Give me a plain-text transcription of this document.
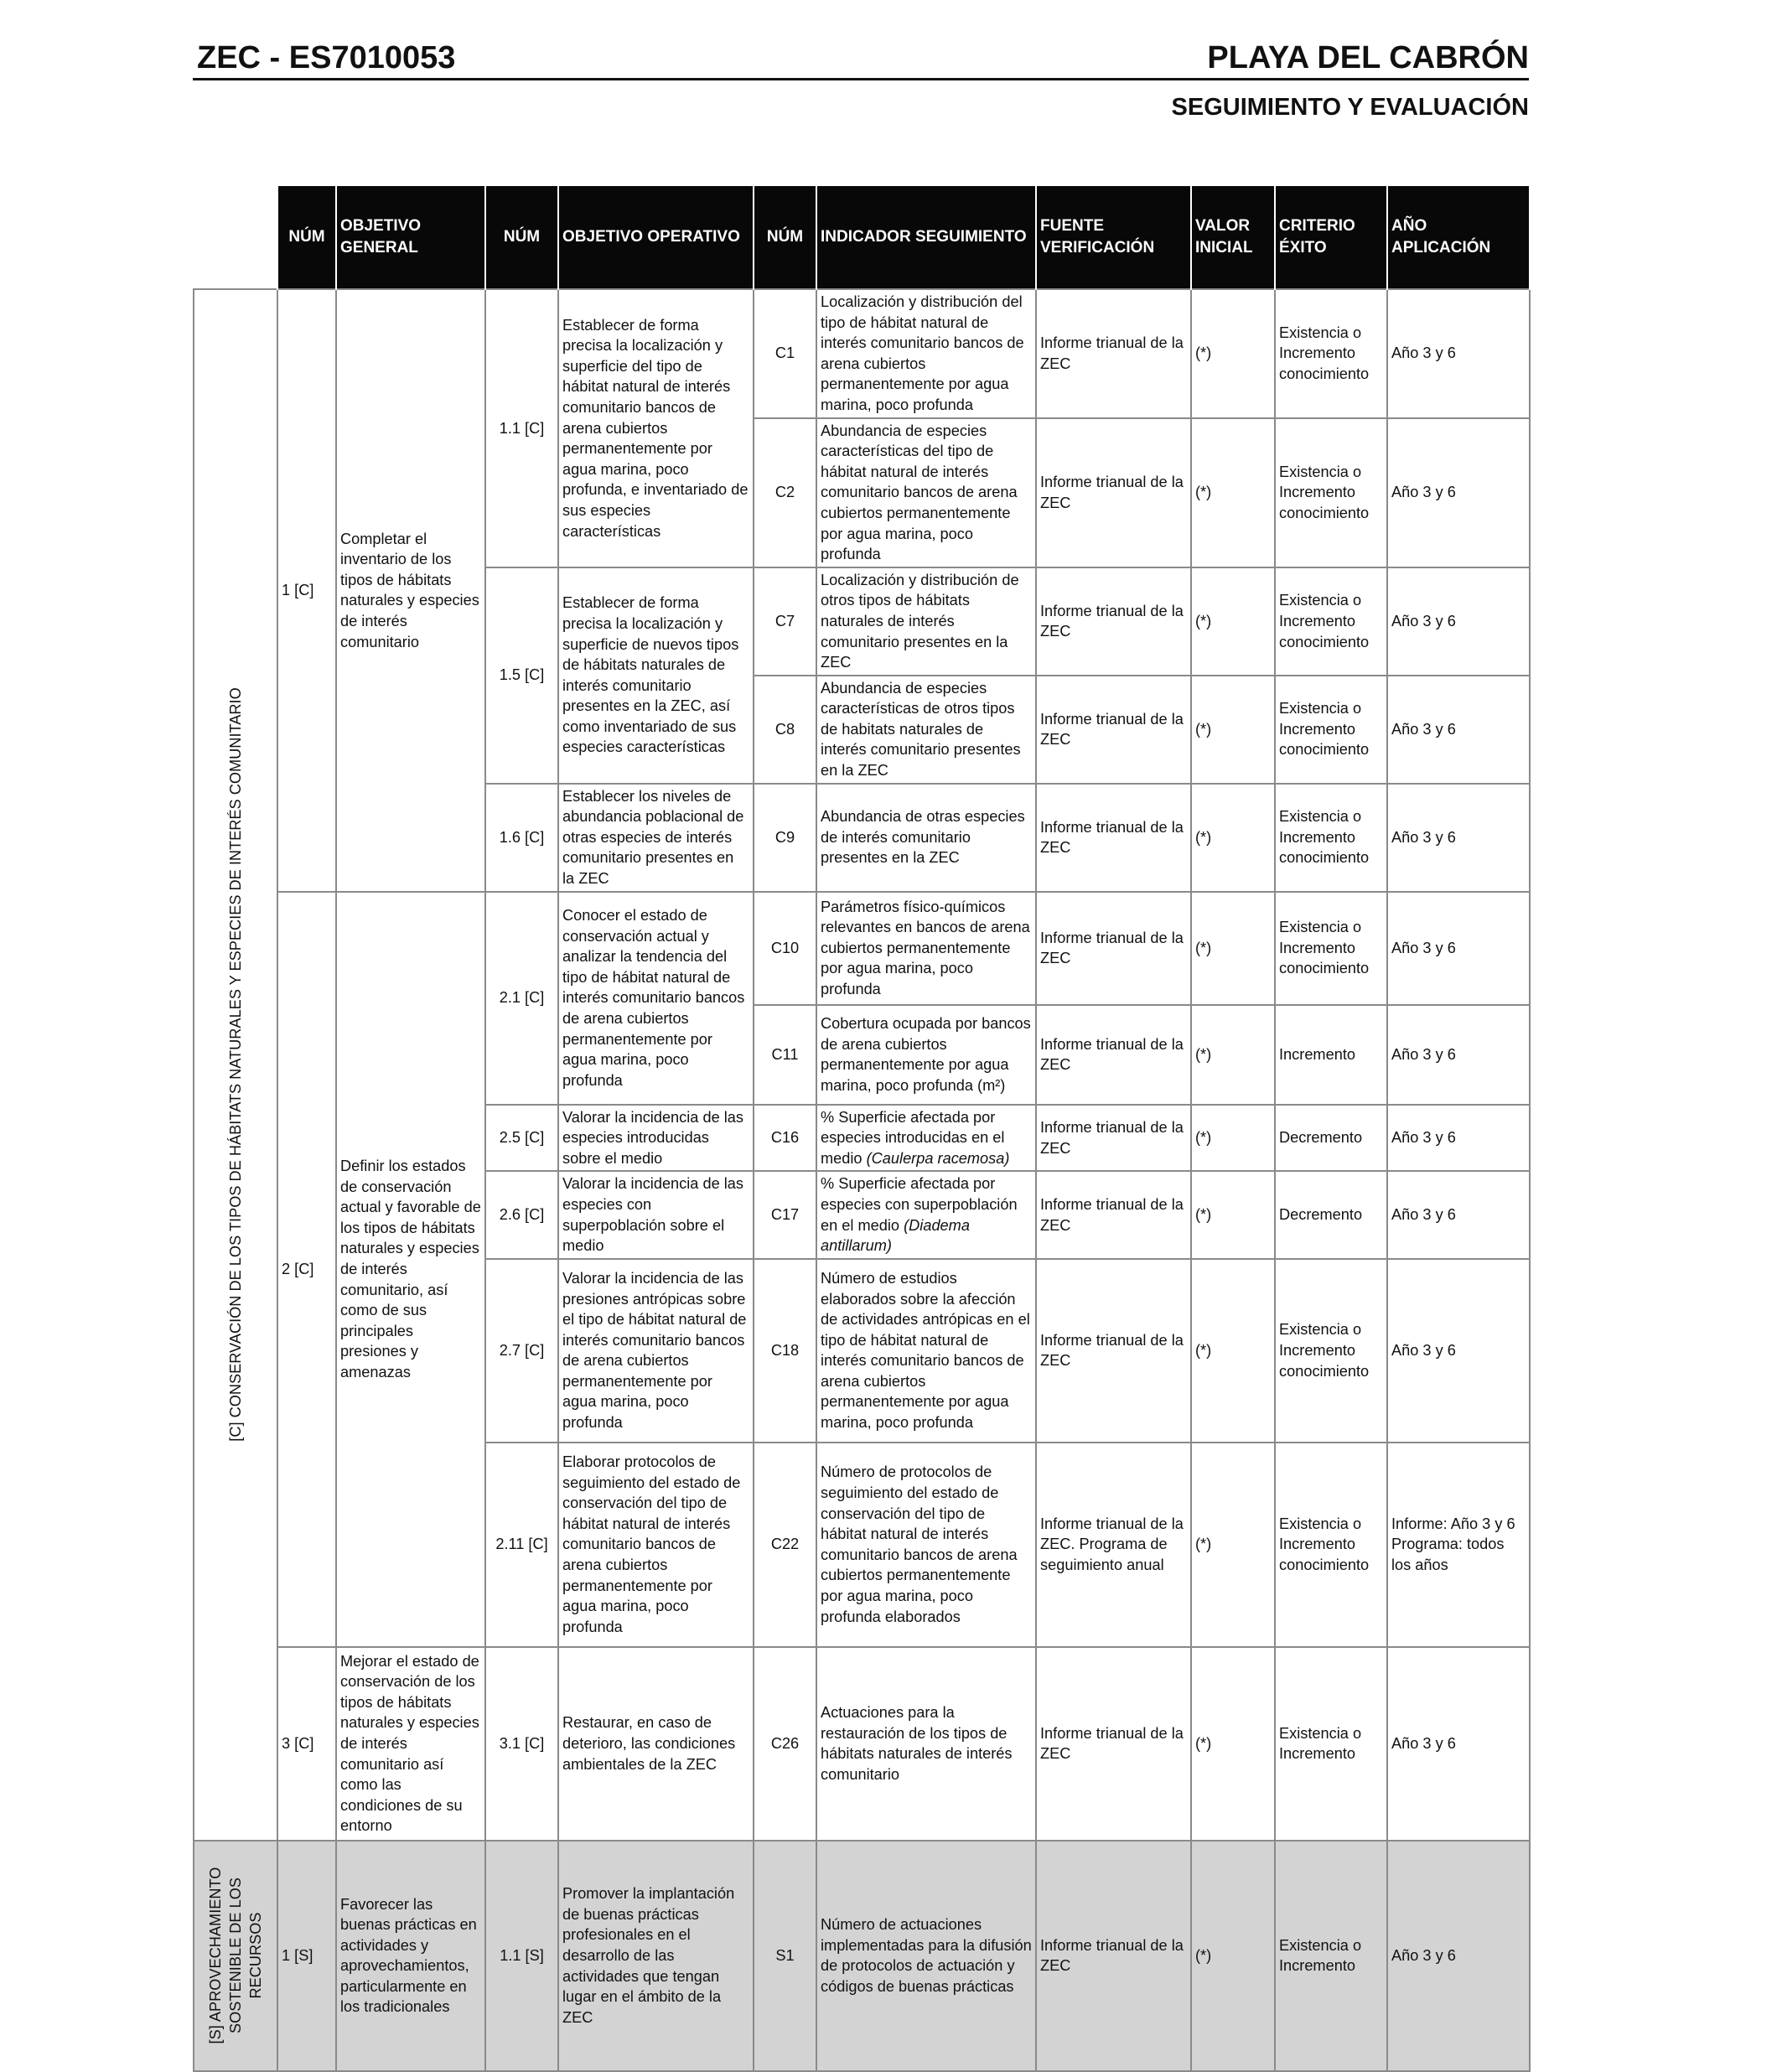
ZEC - ES7010053	PLAYA DEL CABRÓN
SEGUIMIENTO Y EVALUACIÓN
	NÚM	OBJETIVO GENERAL	NÚM	OBJETIVO OPERATIVO	NÚM	INDICADOR SEGUIMIENTO	FUENTE VERIFICACIÓN	VALOR INICIAL	CRITERIO ÉXITO	AÑO APLICACIÓN

[C] CONSERVACIÓN DE LOS TIPOS DE HÁBITATS NATURALES Y ESPECIES DE INTERÉS COMUNITARIO	1 [C]	Completar el inventario de los tipos de hábitats naturales y especies de interés comunitario	1.1 [C]	Establecer de forma precisa la localización y superficie del tipo de hábitat natural de interés comunitario bancos de arena cubiertos permanentemente por agua marina, poco profunda, e inventariado de sus especies características	C1	Localización y distribución del tipo de hábitat natural de interés comunitario bancos de arena cubiertos permanentemente por agua marina, poco profunda	Informe trianual de la ZEC	(*)	Existencia o Incremento conocimiento	Año 3 y 6
					C2	Abundancia de especies características del tipo de hábitat natural de interés comunitario bancos de arena cubiertos permanentemente por agua marina, poco profunda	Informe trianual de la ZEC	(*)	Existencia o Incremento conocimiento	Año 3 y 6
			1.5 [C]	Establecer de forma precisa la localización y superficie de nuevos tipos de hábitats naturales de interés comunitario presentes en la ZEC, así como inventariado de sus especies características	C7	Localización y distribución de otros tipos de hábitats naturales de interés comunitario presentes en la ZEC	Informe trianual de la ZEC	(*)	Existencia o Incremento conocimiento	Año 3 y 6
					C8	Abundancia de especies características de otros tipos de habitats naturales de interés comunitario presentes en la ZEC	Informe trianual de la ZEC	(*)	Existencia o Incremento conocimiento	Año 3 y 6
			1.6 [C]	Establecer los niveles de abundancia poblacional de otras especies de interés comunitario presentes en la ZEC	C9	Abundancia de otras especies de interés comunitario presentes en la ZEC	Informe trianual de la ZEC	(*)	Existencia o Incremento conocimiento	Año 3 y 6
	2 [C]	Definir los estados de conservación actual y favorable de los tipos de hábitats naturales y especies de interés comunitario, así como de sus principales presiones y amenazas	2.1 [C]	Conocer el estado de conservación actual y analizar la tendencia del tipo de hábitat natural de interés comunitario bancos de arena cubiertos permanentemente por agua marina, poco profunda	C10	Parámetros físico-químicos relevantes en bancos de arena cubiertos permanentemente por agua marina, poco profunda	Informe trianual de la ZEC	(*)	Existencia o Incremento conocimiento	Año 3 y 6
					C11	Cobertura ocupada por bancos de arena cubiertos permanentemente por agua marina, poco profunda (m²)	Informe trianual de la ZEC	(*)	Incremento	Año 3 y 6
			2.5 [C]	Valorar la incidencia de las especies introducidas sobre el medio	C16	% Superficie afectada por especies introducidas en el medio (Caulerpa racemosa)	Informe trianual de la ZEC	(*)	Decremento	Año 3 y 6
			2.6 [C]	Valorar la incidencia de las especies con superpoblación sobre el medio	C17	% Superficie afectada por especies con superpoblación en el medio (Diadema antillarum)	Informe trianual de la ZEC	(*)	Decremento	Año 3 y 6
			2.7 [C]	Valorar la incidencia de las presiones antrópicas sobre el tipo de hábitat natural de interés comunitario bancos de arena cubiertos permanentemente por agua marina, poco profunda	C18	Número de estudios elaborados sobre la afección de actividades antrópicas en el tipo de hábitat natural de interés comunitario bancos de arena cubiertos permanentemente por agua marina, poco profunda	Informe trianual de la ZEC	(*)	Existencia o Incremento conocimiento	Año 3 y 6
			2.11 [C]	Elaborar protocolos de seguimiento del estado de conservación del tipo de hábitat natural de interés comunitario bancos de arena cubiertos permanentemente por agua marina, poco profunda	C22	Número de protocolos de seguimiento del estado de conservación del tipo de hábitat natural de interés comunitario bancos de arena cubiertos permanentemente por agua marina, poco profunda elaborados	Informe trianual de la ZEC. Programa de seguimiento anual	(*)	Existencia o Incremento conocimiento	Informe: Año 3 y 6 Programa: todos los años
	3 [C]	Mejorar el estado de conservación de los tipos de hábitats naturales y especies de interés comunitario así como las condiciones de su entorno	3.1 [C]	Restaurar, en caso de deterioro, las condiciones ambientales de la ZEC	C26	Actuaciones para la restauración de los tipos de hábitats naturales de interés comunitario	Informe trianual de la ZEC	(*)	Existencia o Incremento	Año 3 y 6

[S] APROVECHAMIENTO SOSTENIBLE DE LOS RECURSOS	1 [S]	Favorecer las buenas prácticas en actividades y aprovechamientos, particularmente en los tradicionales	1.1 [S]	Promover la implantación de buenas prácticas profesionales en el desarrollo de las actividades que tengan lugar en el ámbito de la ZEC	S1	Número de actuaciones implementadas para la difusión de protocolos de actuación y códigos de buenas prácticas	Informe trianual de la ZEC	(*)	Existencia o Incremento	Año 3 y 6
